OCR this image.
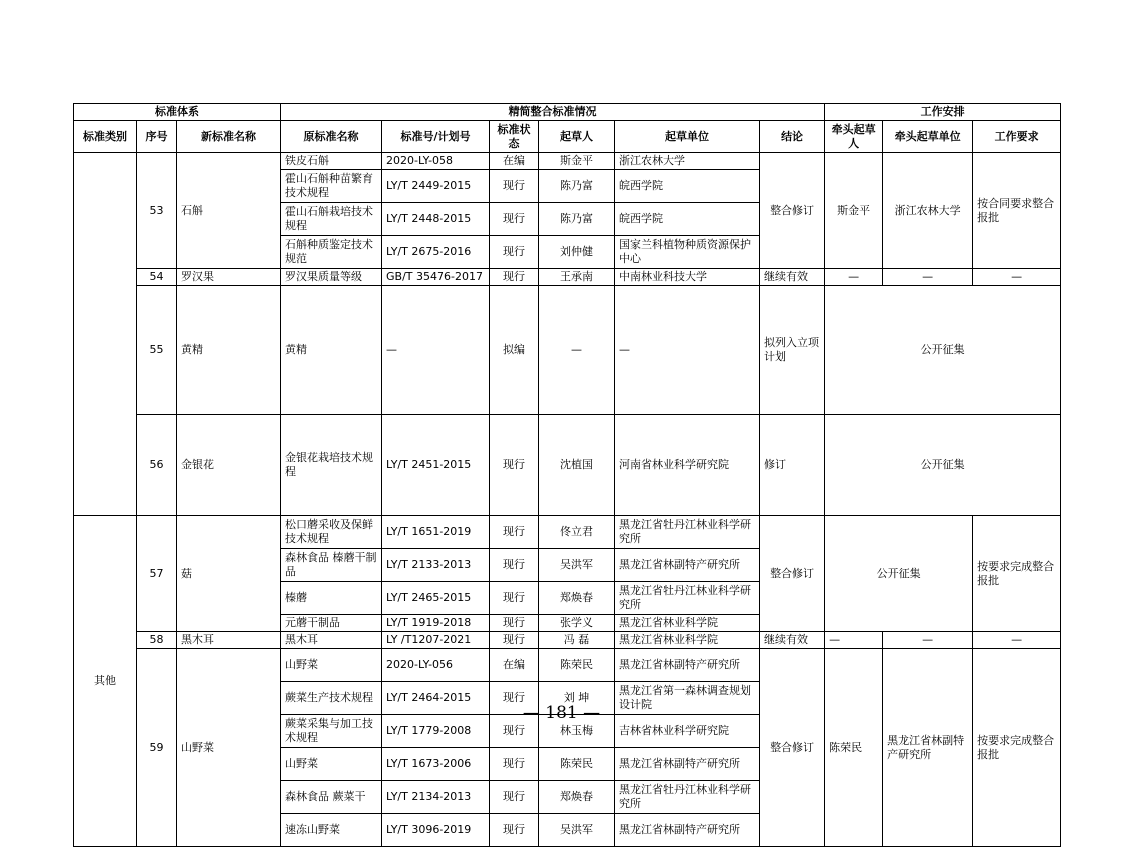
标准体系			精简整合标准情况						工作安排			
标准类别	序号	新标准名称	原标准名称	标准号/计划号	标准状态	起草人	起草单位	结论	牵头起草人	牵头起草单位	工作要求	
	53	石斛	铁皮石斛	2020-LY-058	在编	斯金平	浙江农林大学	整合修订	斯金平	浙江农林大学	按合同要求整合报批	
			霍山石斛种苗繁育技术规程	LY/T 2449-2015	现行	陈乃富	皖西学院					
			霍山石斛栽培技术规程	LY/T 2448-2015	现行	陈乃富	皖西学院					
			石斛种质鉴定技术规范	LY/T 2675-2016	现行	刘仲健	国家兰科植物种质资源保护中心					
	54	罗汉果	罗汉果质量等级	GB/T 35476-2017	现行	王承南	中南林业科技大学	继续有效	—	—	—	
	55	黄精	黄精	—	拟编	—	—	拟列入立项计划	公开征集	
	56	金银花	金银花栽培技术规程	LY/T 2451-2015	现行	沈植国	河南省林业科学研究院	修订	公开征集	
其他	57	菇	松口蘑采收及保鲜技术规程	LY/T 1651-2019	现行	佟立君	黑龙江省牡丹江林业科学研究所	整合修订	公开征集		按要求完成整合报批	
			森林食品 榛蘑干制品	LY/T 2133-2013	现行	吴洪军	黑龙江省林副特产研究所					
			榛蘑	LY/T 2465-2015	现行	郑焕春	黑龙江省牡丹江林业科学研究所					
			元蘑干制品	LY/T 1919-2018	现行	张学义	黑龙江省林业科学院					
	58	黑木耳	黑木耳	LY /T1207-2021	现行	冯 磊	黑龙江省林业科学院	继续有效	—	—	—	
	59	山野菜	山野菜	2020-LY-056	在编	陈荣民	黑龙江省林副特产研究所	整合修订	陈荣民	黑龙江省林副特产研究所	按要求完成整合报批	
			蕨菜生产技术规程	LY/T 2464-2015	现行	刘 坤	黑龙江省第一森林调查规划设计院					
			蕨菜采集与加工技术规程	LY/T 1779-2008	现行	林玉梅	吉林省林业科学研究院					
			山野菜	LY/T 1673-2006	现行	陈荣民	黑龙江省林副特产研究所					
			森林食品 蕨菜干	LY/T 2134-2013	现行	郑焕春	黑龙江省牡丹江林业科学研究所					
			速冻山野菜	LY/T 3096-2019	现行	吴洪军	黑龙江省林副特产研究所					
— 181 —
